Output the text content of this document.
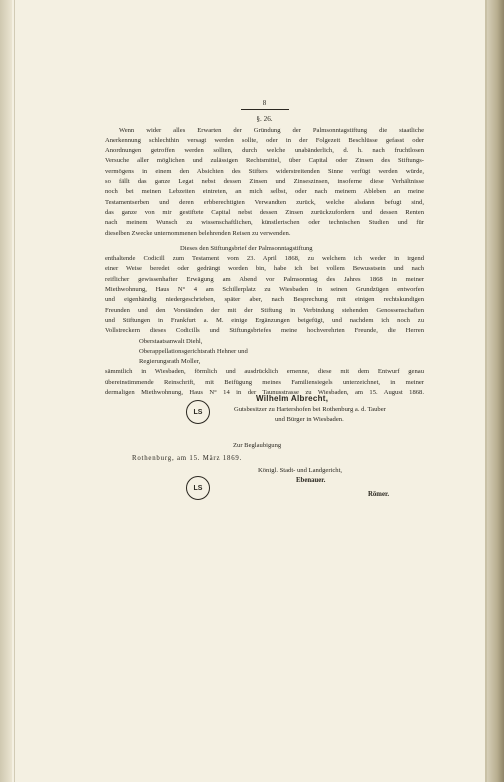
8

§. 26.

Wenn wider alles Erwarten der Gründung der Palmsonntagstiftung die staatliche

Anerkennung schlechthin versagt werden sollte, oder in der Folgezeit Beschlüsse gefasst oder

Anordnungen getroffen werden sollten, durch welche unabänderlich, d. h. nach fruchtlosen

Versuche aller möglichen und zulässigen Rechtsmittel, über Capital oder Zinsen des Stiftungs-

vermögens in einem den Absichten des Stifters widerstreitenden Sinne verfügt werden würde,

so fällt das ganze Legat nebst dessen Zinsen und Zinseszinsen, insoferne diese Verhältnisse

noch bei meinen Lebzeiten eintreten, an mich selbst, oder nach meinem Ableben an meine

Testamentserben und deren erbberechtigten Verwandten zurück, welche alsdann befugt sind,

das ganze von mir gestiftete Capital nebst dessen Zinsen zurückzufordern und dessen Renten

nach meinem Wunsch zu wissenschaftlichen, künstlerischen oder technischen Studien und für

dieselben Zwecke unternommenen belehrenden Reisen zu verwenden.

Dieses den Stiftungsbrief der Palmsonntagstiftung

enthaltende Codicill zum Testament vom 23. April 1868, zu welchem ich weder in irgend

einer Weise beredet oder gedrängt worden bin, habe ich bei vollem Bewusstsein und nach

reiflicher gewissenhafter Erwägung am Abend vor Palmsonntag des Jahres 1868 in meiner

Miethwohnung, Haus N° 4 am Schillerplatz zu Wiesbaden in seinen Grundzügen entworfen

und eigenhändig niedergeschrieben, später aber, nach Besprechung mit einigen rechtskundigen

Freunden und den Vorständen der mit der Stiftung in Verbindung stehenden Genossenschaften

und Stiftungen in Frankfurt a. M. einige Ergänzungen beigefügt, und nachdem ich noch zu

Vollstreckern dieses Codicills und Stiftungsbriefes meine hochverehrten Freunde, die Herren

Oberstaatsanwalt Diehl,

Oberappellationsgerichtsrath Hehner und

Regierungsrath Moller,

sämmtlich in Wiesbaden, förmlich und ausdrücklich ernenne, diese mit dem Entwurf genau

übereinstimmende Reinschrift, mit Beifügung meines Familiensiegels unterzeichnet, in meiner

dermaligen Miethwohnung, Haus N° 14 in der Taunusstrasse zu Wiesbaden, am 15. August 1868.

LS
Wilhelm Albrecht,
Gutsbesitzer zu Hartershofen bei Rothenburg a. d. Tauber
und Bürger in Wiesbaden.
Zur Beglaubigung
Rothenburg, am 15. März 1869.
LS
Königl. Stadt- und Landgericht,
Ebenauer.
Römer.
